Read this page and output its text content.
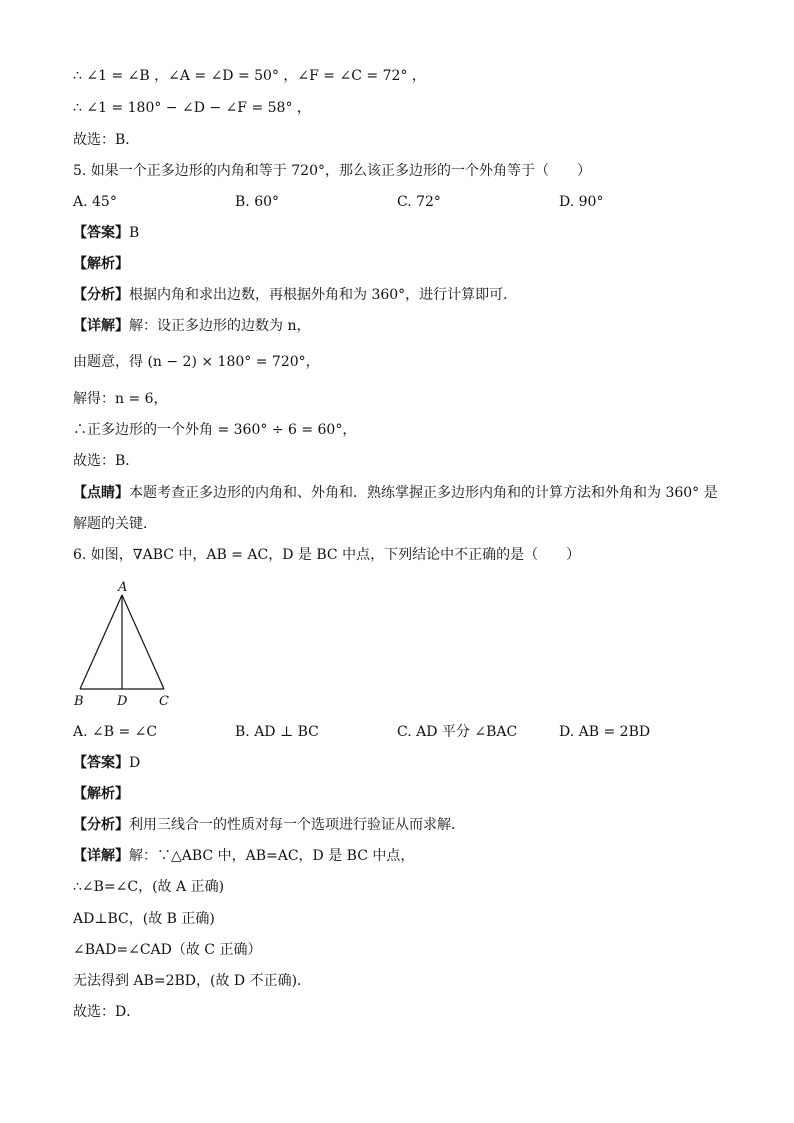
∴ ∠1 = ∠B ，∠A = ∠D = 50° ，∠F = ∠C = 72° ，
∴ ∠1 = 180° − ∠D − ∠F = 58° ，
故选：B．
5. 如果一个正多边形的内角和等于 720°，那么该正多边形的一个外角等于（　　）
A. 45°	B. 60°	C. 72°	D. 90°
【答案】B
【解析】
【分析】根据内角和求出边数，再根据外角和为 360°，进行计算即可．
【详解】解：设正多边形的边数为 n，
由题意，得 (n − 2) × 180° = 720°，
解得：n = 6，
∴正多边形的一个外角 = 360° ÷ 6 = 60°，
故选：B．
【点睛】本题考查正多边形的内角和、外角和．熟练掌握正多边形内角和的计算方法和外角和为 360° 是
解题的关键．
6. 如图，∇ABC 中，AB = AC，D 是 BC 中点，下列结论中不正确的是（　　）
A
B	D C
A. ∠B = ∠C	B. AD ⊥ BC	C. AD 平分 ∠BAC	D. AB = 2BD
【答案】D
【解析】
【分析】利用三线合一的性质对每一个选项进行验证从而求解．
【详解】解：∵△ABC 中，AB=AC，D 是 BC 中点，
∴∠B=∠C，(故 A 正确)
AD⊥BC，(故 B 正确)
∠BAD=∠CAD（故 C 正确）
无法得到 AB=2BD，(故 D 不正确)．
故选：D．
